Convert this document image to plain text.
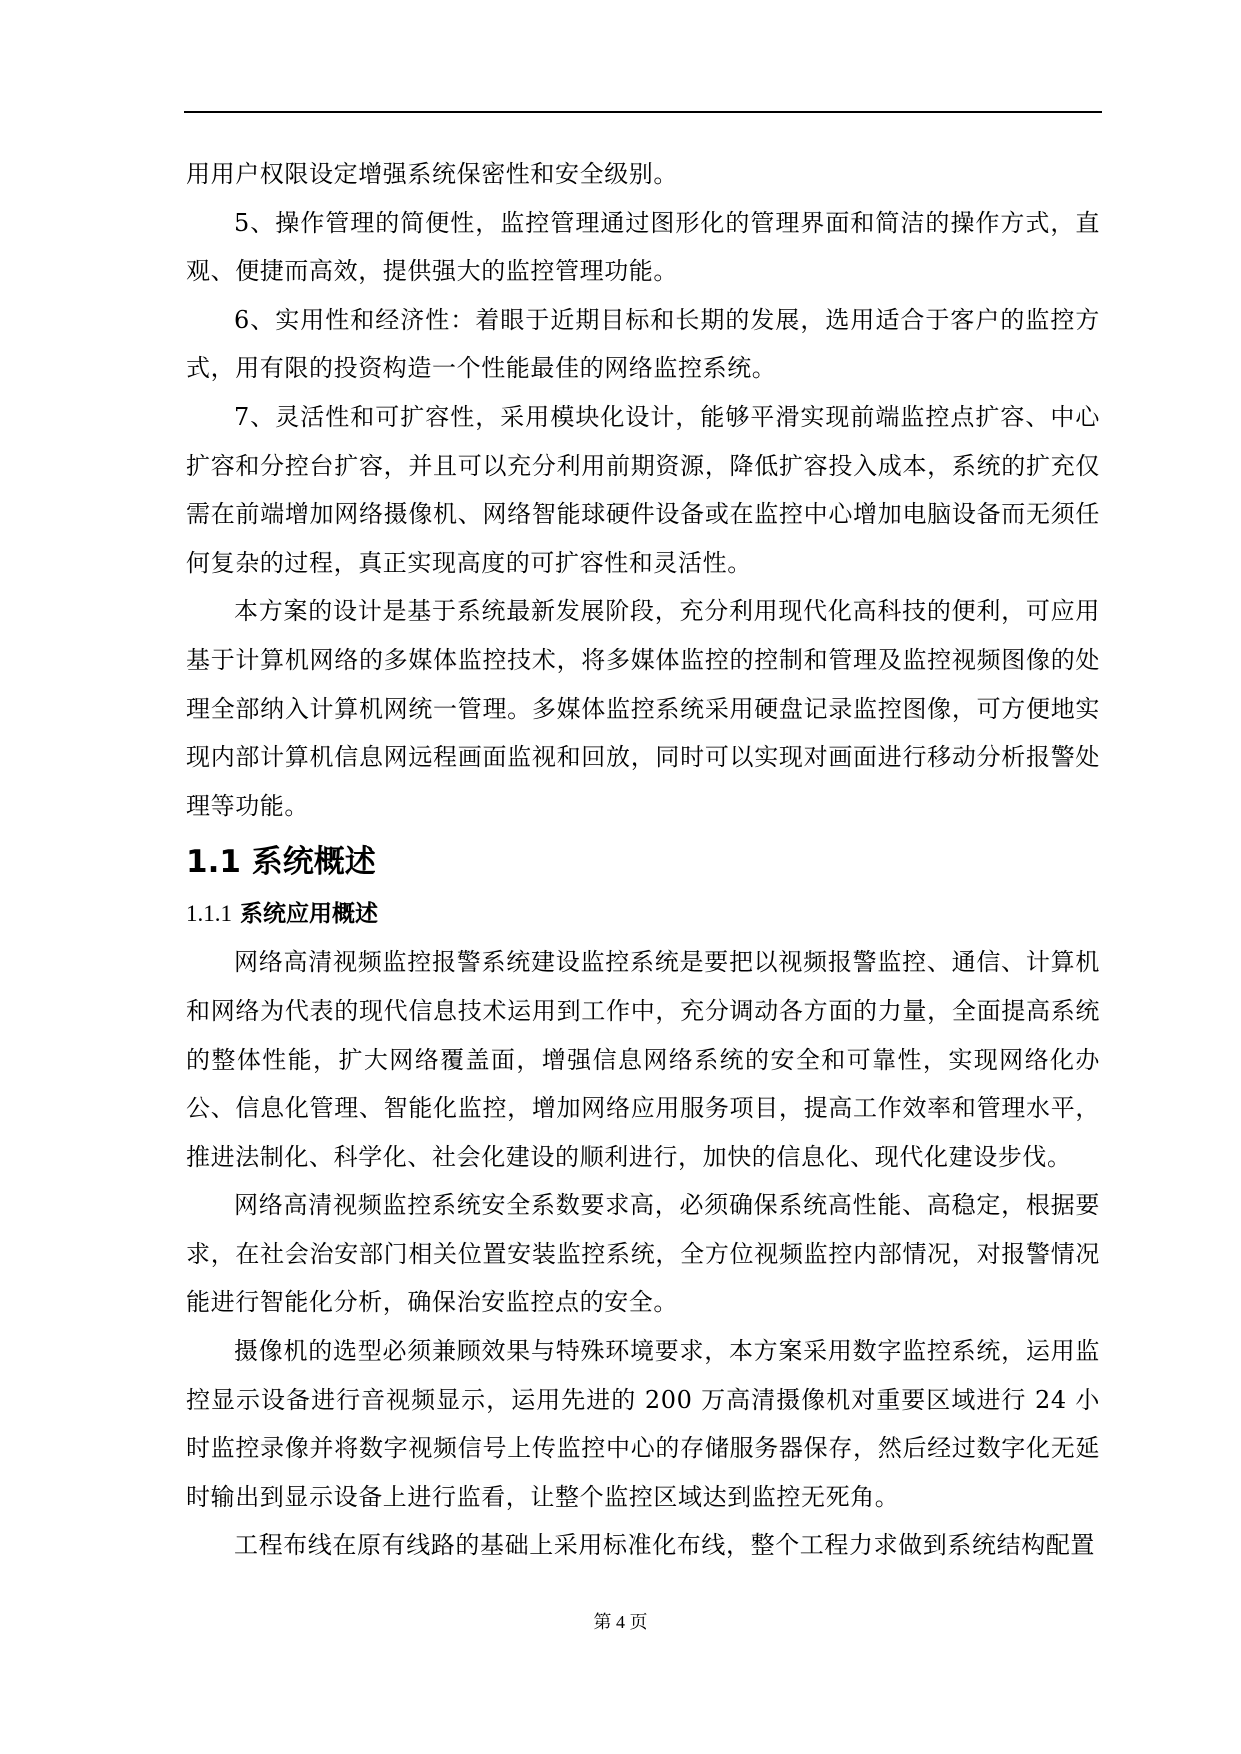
用用户权限设定增强系统保密性和安全级别。

5、操作管理的简便性，监控管理通过图形化的管理界面和简洁的操作方式，直观、便捷而高效，提供强大的监控管理功能。

6、实用性和经济性：着眼于近期目标和长期的发展，选用适合于客户的监控方式，用有限的投资构造一个性能最佳的网络监控系统。

7、灵活性和可扩容性，采用模块化设计，能够平滑实现前端监控点扩容、中心扩容和分控台扩容，并且可以充分利用前期资源，降低扩容投入成本，系统的扩充仅需在前端增加网络摄像机、网络智能球硬件设备或在监控中心增加电脑设备而无须任何复杂的过程，真正实现高度的可扩容性和灵活性。

本方案的设计是基于系统最新发展阶段，充分利用现代化高科技的便利，可应用基于计算机网络的多媒体监控技术，将多媒体监控的控制和管理及监控视频图像的处理全部纳入计算机网统一管理。多媒体监控系统采用硬盘记录监控图像，可方便地实现内部计算机信息网远程画面监视和回放，同时可以实现对画面进行移动分析报警处理等功能。

1.1 系统概述
1.1.1 系统应用概述

网络高清视频监控报警系统建设监控系统是要把以视频报警监控、通信、计算机和网络为代表的现代信息技术运用到工作中，充分调动各方面的力量，全面提高系统的整体性能，扩大网络覆盖面，增强信息网络系统的安全和可靠性，实现网络化办公、信息化管理、智能化监控，增加网络应用服务项目，提高工作效率和管理水平，推进法制化、科学化、社会化建设的顺利进行，加快的信息化、现代化建设步伐。

网络高清视频监控系统安全系数要求高，必须确保系统高性能、高稳定，根据要求，在社会治安部门相关位置安装监控系统，全方位视频监控内部情况，对报警情况能进行智能化分析，确保治安监控点的安全。

摄像机的选型必须兼顾效果与特殊环境要求，本方案采用数字监控系统，运用监控显示设备进行音视频显示，运用先进的 200 万高清摄像机对重要区域进行 24 小时监控录像并将数字视频信号上传监控中心的存储服务器保存，然后经过数字化无延时输出到显示设备上进行监看，让整个监控区域达到监控无死角。

工程布线在原有线路的基础上采用标准化布线，整个工程力求做到系统结构配置

第 4 页
